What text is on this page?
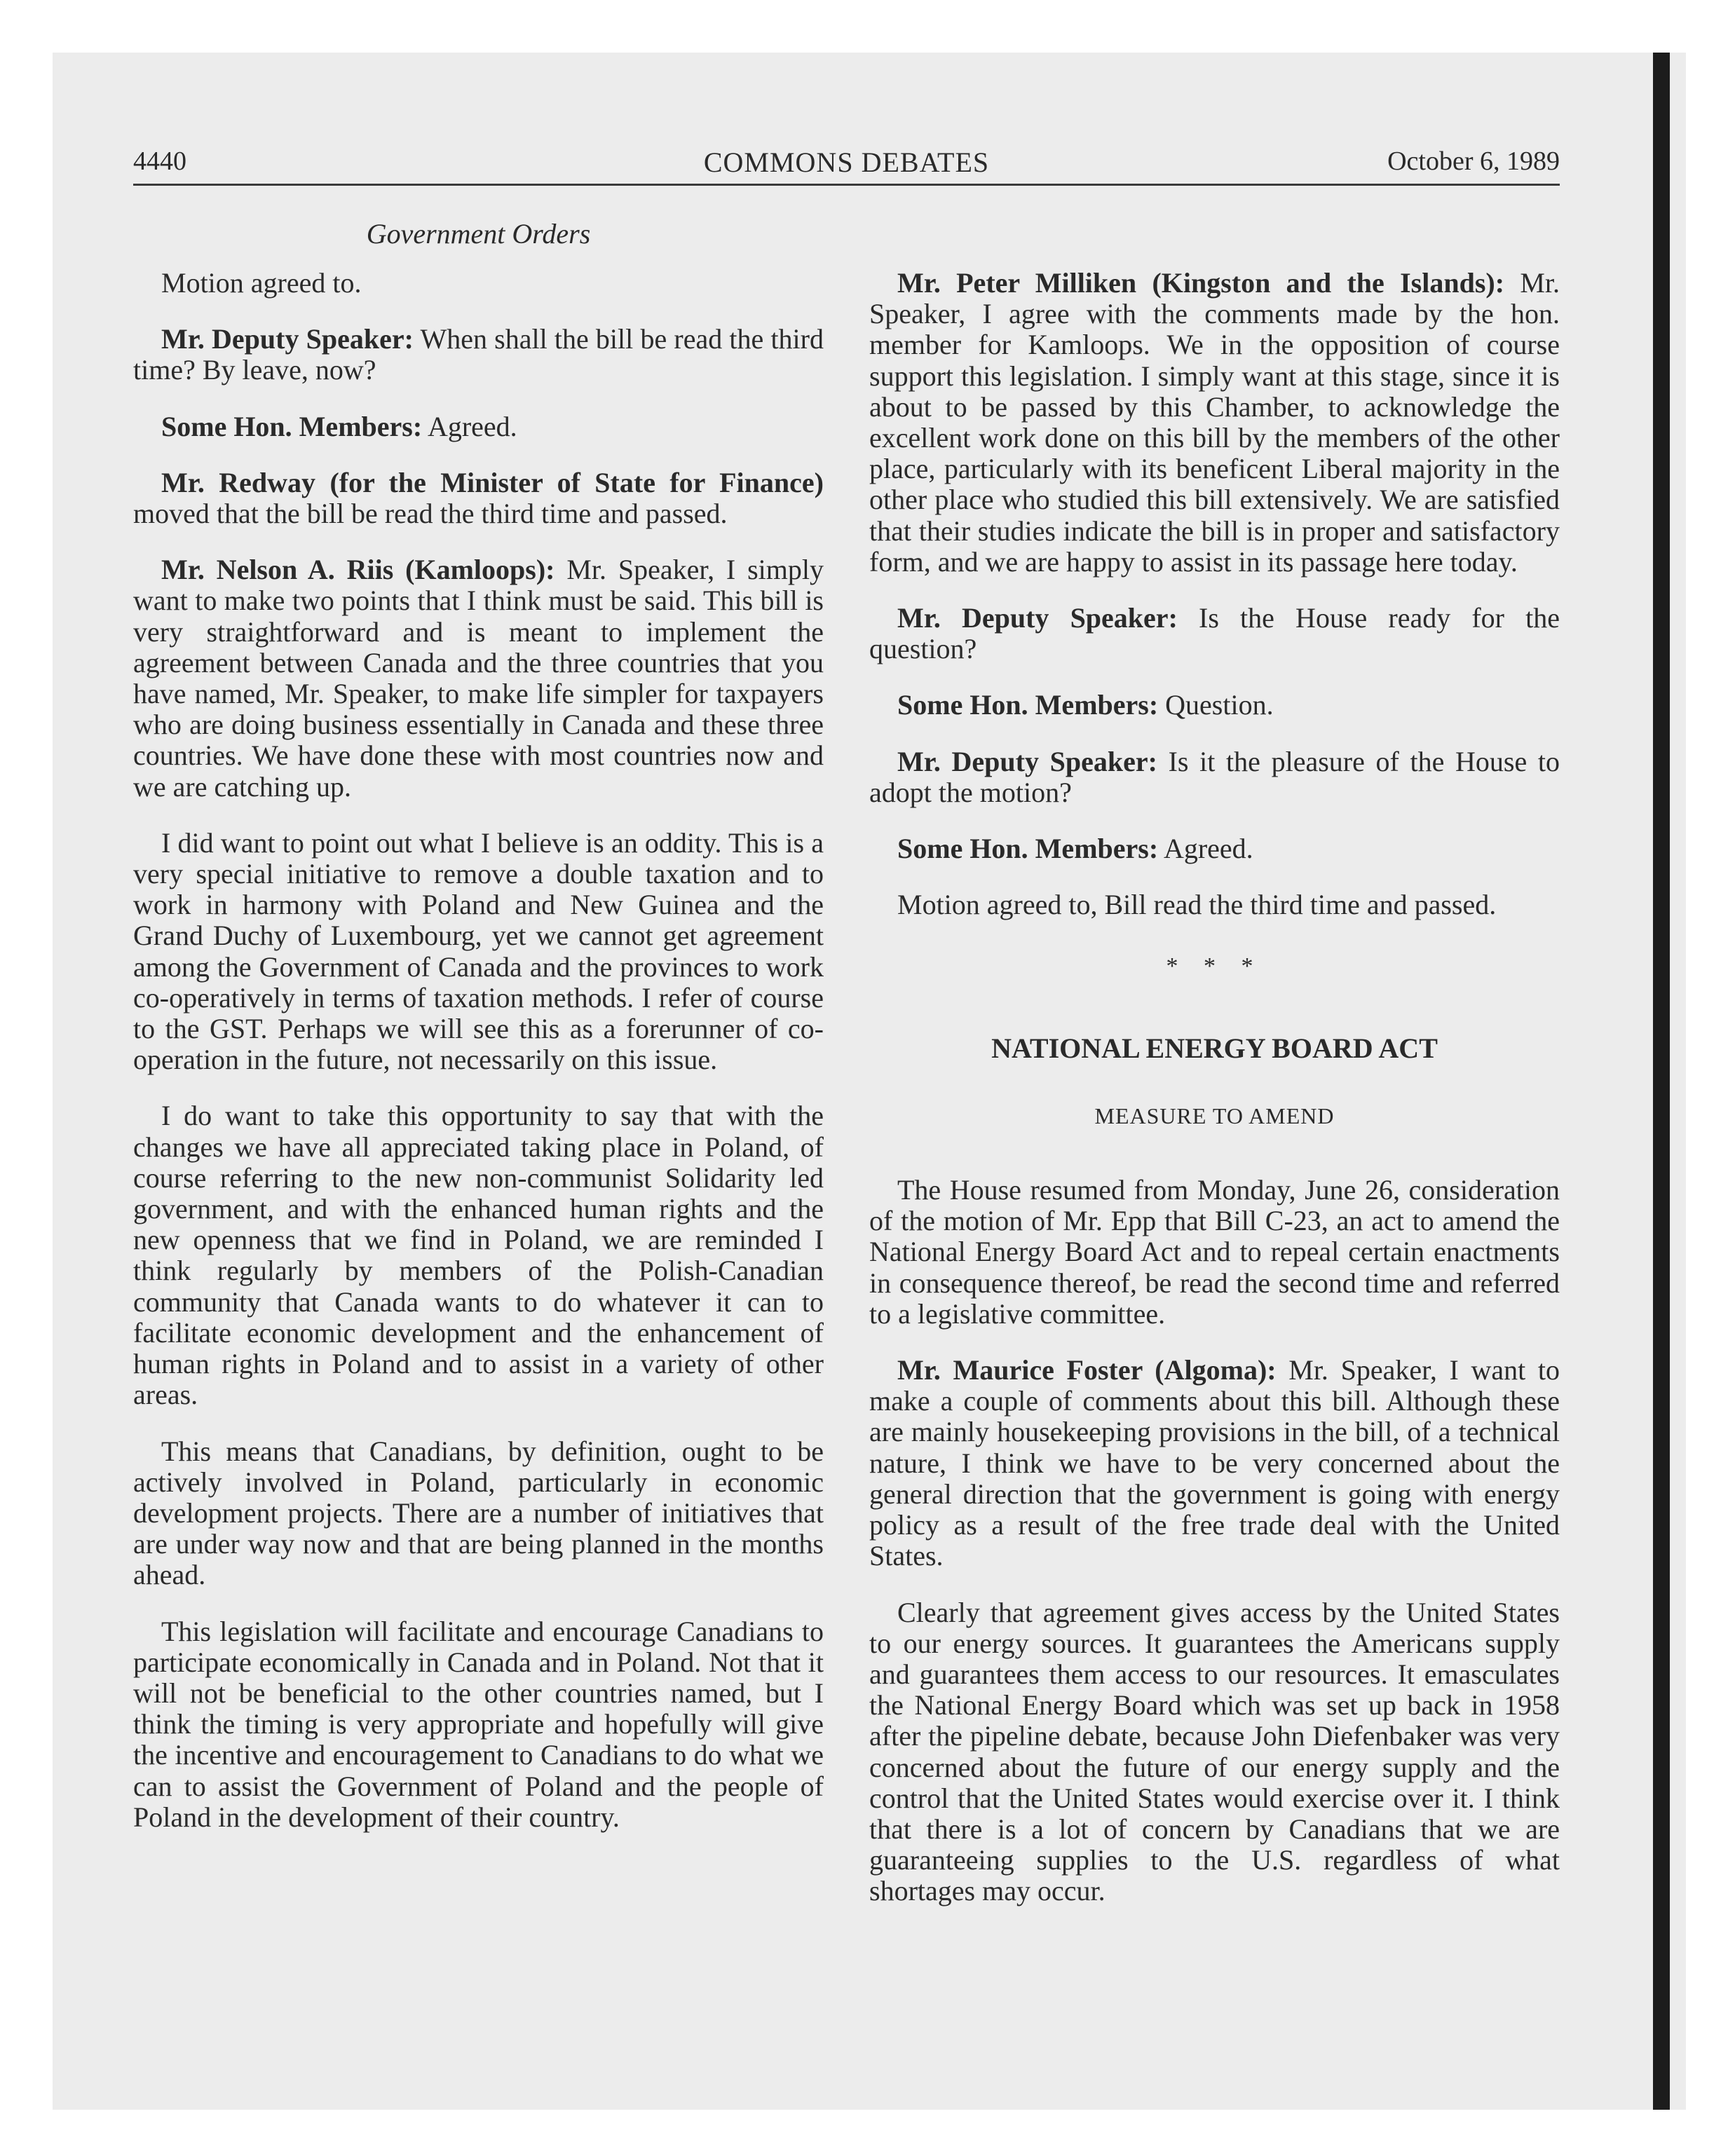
4440	COMMONS DEBATES	October 6, 1989
Government Orders

Motion agreed to.

Mr. Deputy Speaker: When shall the bill be read the third time? By leave, now?

Some Hon. Members: Agreed.

Mr. Redway (for the Minister of State for Finance) moved that the bill be read the third time and passed.

Mr. Nelson A. Riis (Kamloops): Mr. Speaker, I simply want to make two points that I think must be said. This bill is very straightforward and is meant to implement the agreement between Canada and the three countries that you have named, Mr. Speaker, to make life simpler for taxpayers who are doing business essentially in Canada and these three countries. We have done these with most countries now and we are catching up.

I did want to point out what I believe is an oddity. This is a very special initiative to remove a double taxation and to work in harmony with Poland and New Guinea and the Grand Duchy of Luxembourg, yet we cannot get agreement among the Government of Canada and the provinces to work co-operatively in terms of taxation methods. I refer of course to the GST. Perhaps we will see this as a forerunner of co-operation in the future, not necessarily on this issue.

I do want to take this opportunity to say that with the changes we have all appreciated taking place in Poland, of course referring to the new non-communist Solidarity led government, and with the enhanced human rights and the new openness that we find in Poland, we are reminded I think regularly by members of the Polish-Canadian community that Canada wants to do whatever it can to facilitate economic development and the enhancement of human rights in Poland and to assist in a variety of other areas.

This means that Canadians, by definition, ought to be actively involved in Poland, particularly in economic development projects. There are a number of initiatives that are under way now and that are being planned in the months ahead.

This legislation will facilitate and encourage Canadians to participate economically in Canada and in Poland. Not that it will not be beneficial to the other countries named, but I think the timing is very appropriate and hopefully will give the incentive and encouragement to Canadians to do what we can to assist the Government of Poland and the people of Poland in the development of their country.

Mr. Peter Milliken (Kingston and the Islands): Mr. Speaker, I agree with the comments made by the hon. member for Kamloops. We in the opposition of course support this legislation. I simply want at this stage, since it is about to be passed by this Chamber, to acknowledge the excellent work done on this bill by the members of the other place, particularly with its beneficent Liberal majority in the other place who studied this bill extensively. We are satisfied that their studies indicate the bill is in proper and satisfactory form, and we are happy to assist in its passage here today.

Mr. Deputy Speaker: Is the House ready for the question?

Some Hon. Members: Question.

Mr. Deputy Speaker: Is it the pleasure of the House to adopt the motion?

Some Hon. Members: Agreed.

Motion agreed to, Bill read the third time and passed.

* * *
NATIONAL ENERGY BOARD ACT
MEASURE TO AMEND

The House resumed from Monday, June 26, consideration of the motion of Mr. Epp that Bill C-23, an act to amend the National Energy Board Act and to repeal certain enactments in consequence thereof, be read the second time and referred to a legislative committee.

Mr. Maurice Foster (Algoma): Mr. Speaker, I want to make a couple of comments about this bill. Although these are mainly housekeeping provisions in the bill, of a technical nature, I think we have to be very concerned about the general direction that the government is going with energy policy as a result of the free trade deal with the United States.

Clearly that agreement gives access by the United States to our energy sources. It guarantees the Americans supply and guarantees them access to our resources. It emasculates the National Energy Board which was set up back in 1958 after the pipeline debate, because John Diefenbaker was very concerned about the future of our energy supply and the control that the United States would exercise over it. I think that there is a lot of concern by Canadians that we are guaranteeing supplies to the U.S. regardless of what shortages may occur.
